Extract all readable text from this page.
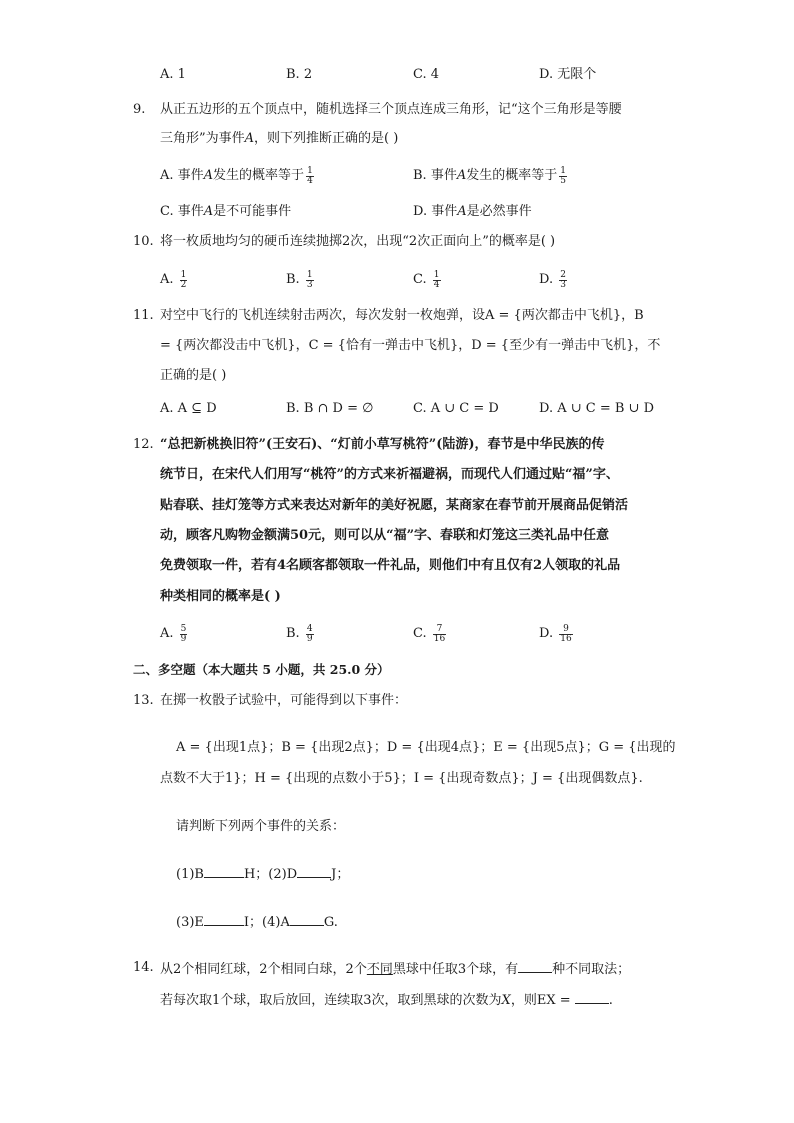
A. 1	B. 2	C. 4	D. 无限个
9. 从正五边形的五个顶点中，随机选择三个顶点连成三角形，记“这个三角形是等腰
三角形”为事件A，则下列推断正确的是( )
A. 事件A发生的概率等于 $\frac{1}{4}$	B. 事件A发生的概率等于 $\frac{1}{5}$
C. 事件A是不可能事件	D. 事件A是必然事件
10. 将一枚质地均匀的硬币连续抛掷2次，出现“2次正面向上”的概率是( )
A. $\frac{1}{2}$	B. $\frac{1}{3}$	C. $\frac{1}{4}$	D. $\frac{2}{3}$
11. 对空中飞行的飞机连续射击两次，每次发射一枚炮弹，设A = {两次都击中飞机}，B
= {两次都没击中飞机}，C = {恰有一弹击中飞机}，D = {至少有一弹击中飞机}，不
正确的是( )
A. A ⊆ D	B. B ∩ D = ∅	C. A ∪ C = D	D. A ∪ C = B ∪ D
12. “总把新桃换旧符”(王安石)、“灯前小草写桃符”(陆游)，春节是中华民族的传
统节日，在宋代人们用写“桃符”的方式来祈福避祸，而现代人们通过贴“福”字、
贴春联、挂灯笼等方式来表达对新年的美好祝愿，某商家在春节前开展商品促销活
动，顾客凡购物金额满50元，则可以从“福”字、春联和灯笼这三类礼品中任意
免费领取一件，若有4名顾客都领取一件礼品，则他们中有且仅有2人领取的礼品
种类相同的概率是( )
A. $\frac{5}{9}$	B. $\frac{4}{9}$	C. $\frac{7}{16}$	D. $\frac{9}{16}$
二、多空题（本大题共 5 小题，共 25.0 分）
13. 在掷一枚骰子试验中，可能得到以下事件：
A = {出现1点}；B = {出现2点}；D = {出现4点}；E = {出现5点}；G = {出现的
点数不大于1}；H = {出现的点数小于5}；I = {出现奇数点}；J = {出现偶数点}.
请判断下列两个事件的关系：
(1)B	H；(2)D	J；
(3)E	I；(4)A	G.
14. 从2个相同红球，2个相同白球，2个不同黑球中任取3个球，有	种不同取法；
若每次取1个球，取后放回，连续取3次，取到黑球的次数为X，则EX =	.
